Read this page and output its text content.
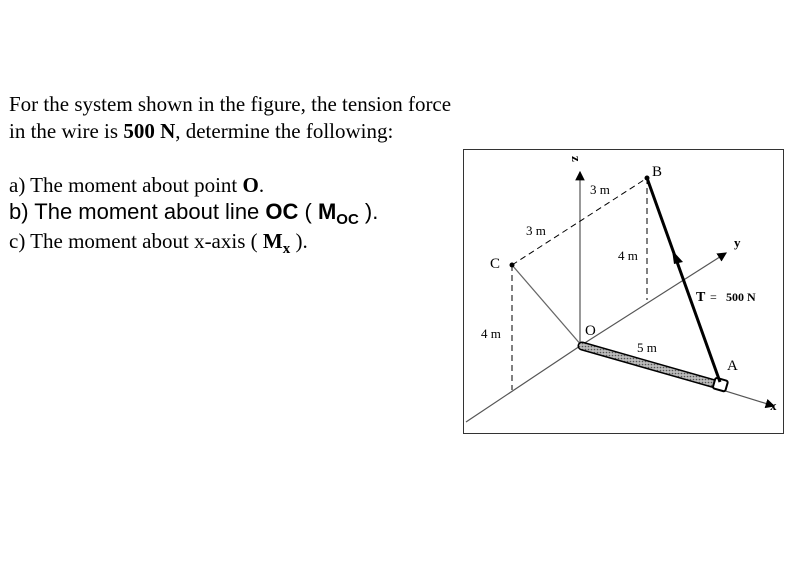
For the system shown in the figure, the tension force
in the wire is 500 N, determine the following:
a) The moment about point O.
b) The moment about line OC ( $M_{OC}$ ).
c) The moment about x-axis ( $M_x$ ).
z
y
x
B
C
O
A
3 m
3 m
4 m
4 m
5 m
T = 500 N
